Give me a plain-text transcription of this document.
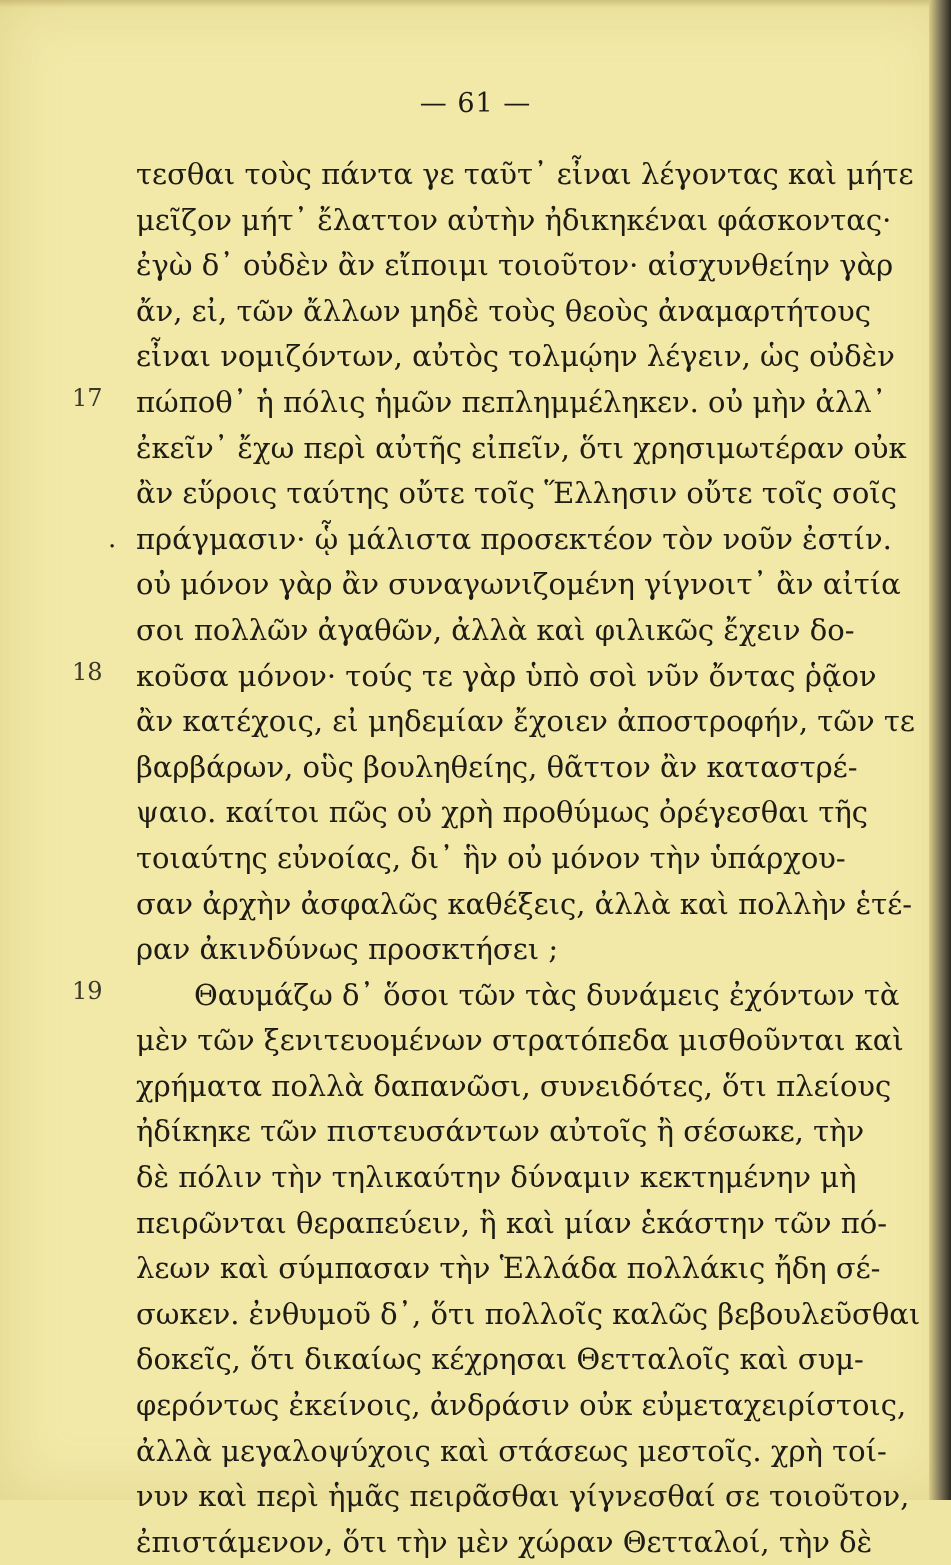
— 61 —
τεσθαι τοὺς πάντα γε ταῦτ᾽ εἶναι λέγοντας καὶ μήτε
μεῖζον μήτ᾽ ἔλαττον αὐτὴν ἠδικηκέναι φάσκοντας·
ἐγὼ δ᾽ οὐδὲν ἂν εἴποιμι τοιοῦτον· αἰσχυνθείην γὰρ
ἄν, εἰ, τῶν ἄλλων μηδὲ τοὺς θεοὺς ἀναμαρτήτους
εἶναι νομιζόντων, αὐτὸς τολμῴην λέγειν, ὡς οὐδὲν
17 πώποθ᾽ ἡ πόλις ἡμῶν πεπλημμέληκεν. οὐ μὴν ἀλλ᾽
ἐκεῖν᾽ ἔχω περὶ αὐτῆς εἰπεῖν, ὅτι χρησιμωτέραν οὐκ
ἂν εὕροις ταύτης οὔτε τοῖς Ἕλλησιν οὔτε τοῖς σοῖς
. πράγμασιν· ᾧ μάλιστα προσεκτέον τὸν νοῦν ἐστίν.
οὐ μόνον γὰρ ἂν συναγωνιζομένη γίγνοιτ᾽ ἂν αἰτία
σοι πολλῶν ἀγαθῶν, ἀλλὰ καὶ φιλικῶς ἔχειν δο-
18 κοῦσα μόνον· τούς τε γὰρ ὑπὸ σοὶ νῦν ὄντας ῥᾷον
ἂν κατέχοις, εἰ μηδεμίαν ἔχοιεν ἀποστροφήν, τῶν τε
βαρβάρων, οὓς βουληθείης, θᾶττον ἂν καταστρέ-
ψαιο. καίτοι πῶς οὐ χρὴ προθύμως ὀρέγεσθαι τῆς
τοιαύτης εὐνοίας, δι᾽ ἣν οὐ μόνον τὴν ὑπάρχου-
σαν ἀρχὴν ἀσφαλῶς καθέξεις, ἀλλὰ καὶ πολλὴν ἑτέ-
ραν ἀκινδύνως προσκτήσει ;
19	Θαυμάζω δ᾽ ὅσοι τῶν τὰς δυνάμεις ἐχόντων τὰ
μὲν τῶν ξενιτευομένων στρατόπεδα μισθοῦνται καὶ
χρήματα πολλὰ δαπανῶσι, συνειδότες, ὅτι πλείους
ἠδίκηκε τῶν πιστευσάντων αὐτοῖς ἢ σέσωκε, τὴν
δὲ πόλιν τὴν τηλικαύτην δύναμιν κεκτημένην μὴ
πειρῶνται θεραπεύειν, ἣ καὶ μίαν ἑκάστην τῶν πό-
λεων καὶ σύμπασαν τὴν Ἑλλάδα πολλάκις ἤδη σέ-
σωκεν. ἐνθυμοῦ δ᾽, ὅτι πολλοῖς καλῶς βεβουλεῦσθαι
δοκεῖς, ὅτι δικαίως κέχρησαι Θετταλοῖς καὶ συμ-
φερόντως ἐκείνοις, ἀνδράσιν οὐκ εὐμεταχειρίστοις,
ἀλλὰ μεγαλοψύχοις καὶ στάσεως μεστοῖς. χρὴ τοί-
νυν καὶ περὶ ἡμᾶς πειρᾶσθαι γίγνεσθαί σε τοιοῦτον,
ἐπιστάμενον, ὅτι τὴν μὲν χώραν Θετταλοί, τὴν δὲ
